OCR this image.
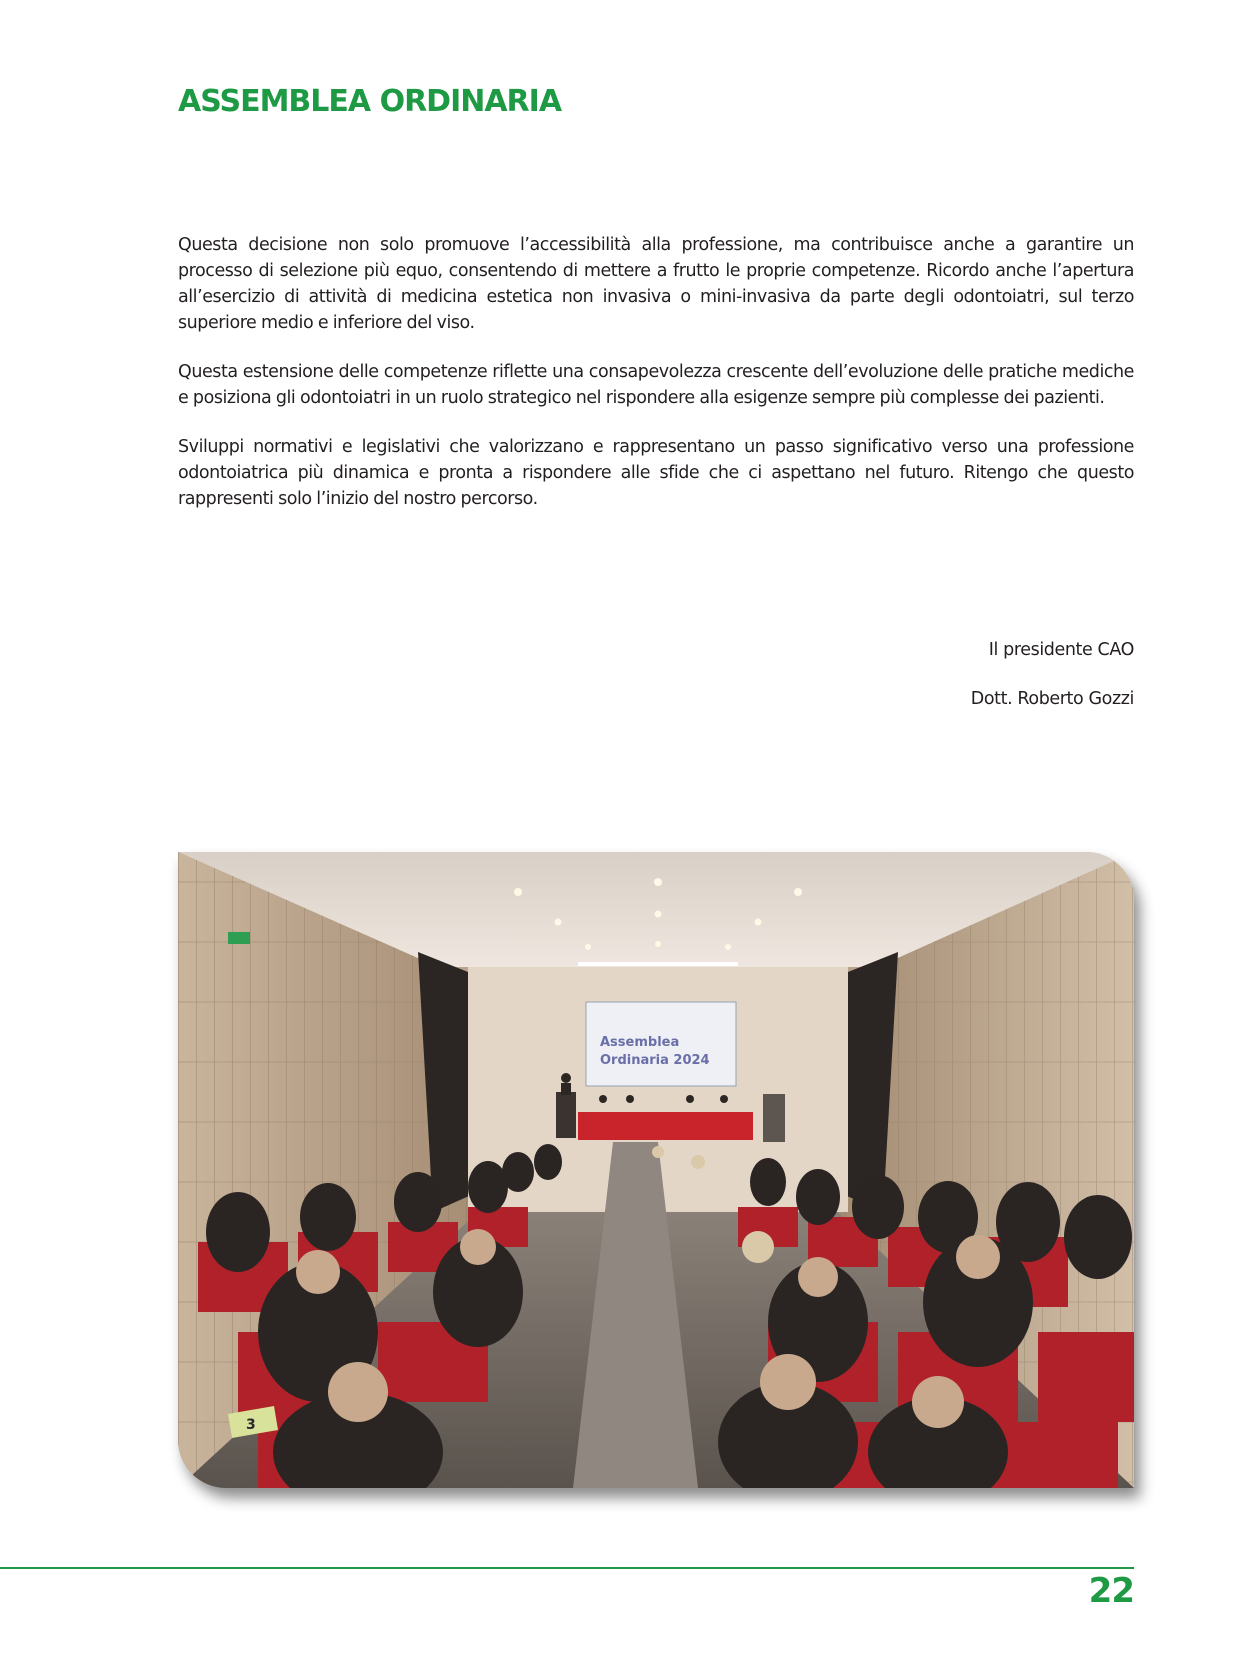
ASSEMBLEA ORDINARIA

Questa decisione non solo promuove l’accessibilità alla professione, ma contribuisce anche a garantire un processo di selezione più equo, consentendo di mettere a frutto le proprie competenze. Ricordo anche l’apertura all’esercizio di attività di medicina estetica non invasiva o mini-invasiva da parte degli odontoiatri, sul terzo superiore medio e inferiore del viso.

Questa estensione delle competenze riflette una consapevolezza crescente dell’evoluzione delle pratiche mediche e posiziona gli odontoiatri in un ruolo strategico nel rispondere alla esigenze sempre più complesse dei pazienti.

Sviluppi normativi e legislativi che valorizzano e rappresentano un passo significativo verso una professione odontoiatrica più dinamica e pronta a rispondere alle sfide che ci aspettano nel futuro. Ritengo che questo rappresenti solo l’inizio del nostro percorso.

Il presidente CAO
Dott. Roberto Gozzi
Assemblea
Ordinaria 2024
3
22
